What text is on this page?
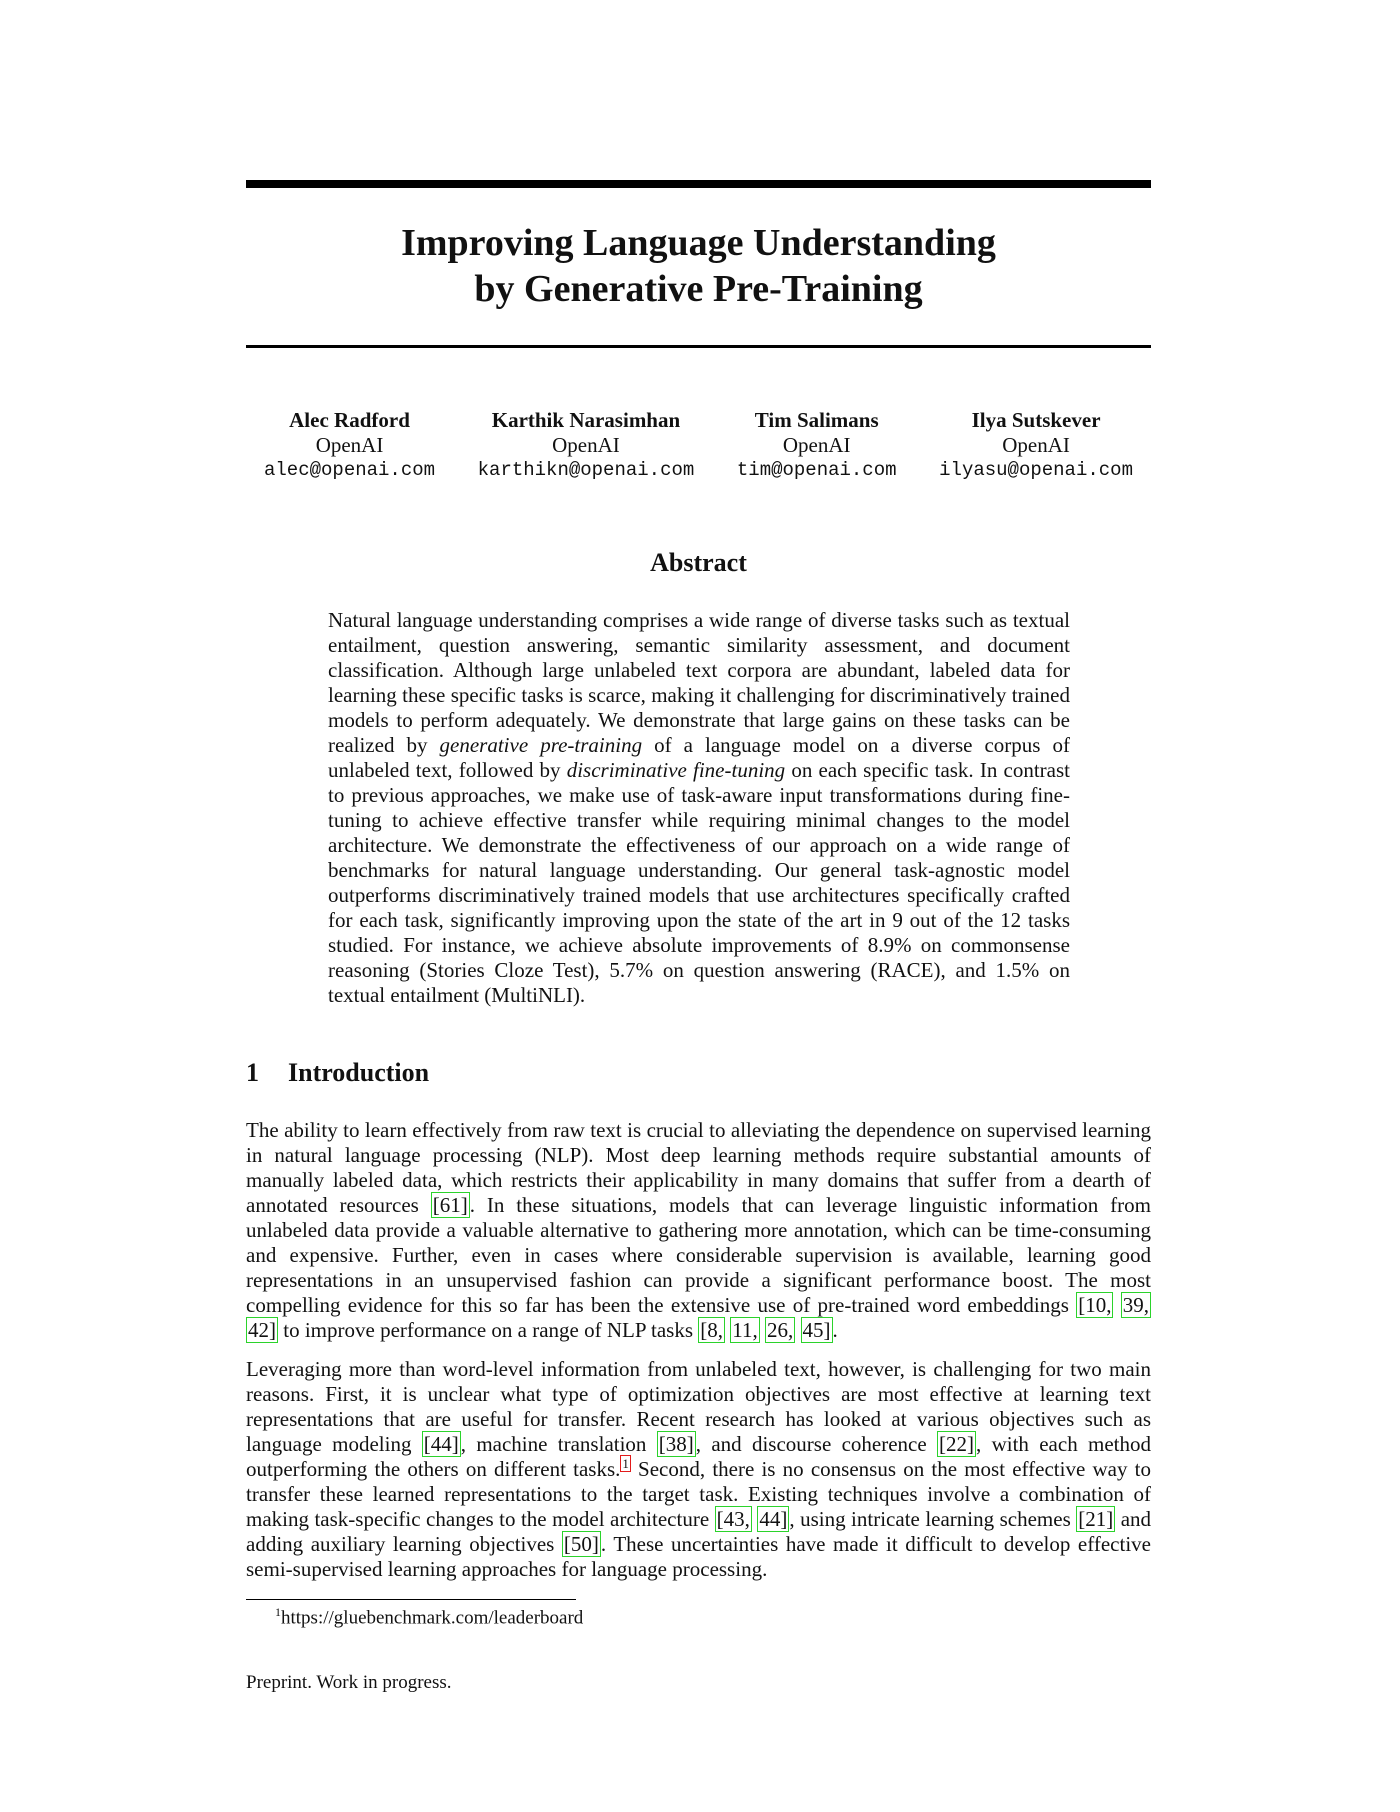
Improving Language Understanding
by Generative Pre-Training
Alec Radford
OpenAI
alec@openai.com
Karthik Narasimhan
OpenAI
karthikn@openai.com
Tim Salimans
OpenAI
tim@openai.com
Ilya Sutskever
OpenAI
ilyasu@openai.com
Abstract

Natural language understanding comprises a wide range of diverse tasks such as textual entailment, question answering, semantic similarity assessment, and document classification. Although large unlabeled text corpora are abundant, labeled data for learning these specific tasks is scarce, making it challenging for discriminatively trained models to perform adequately. We demonstrate that large gains on these tasks can be realized by generative pre-training of a language model on a diverse corpus of unlabeled text, followed by discriminative fine-tuning on each specific task. In contrast to previous approaches, we make use of task-aware input transformations during fine-tuning to achieve effective transfer while requiring minimal changes to the model architecture. We demonstrate the effectiveness of our approach on a wide range of benchmarks for natural language understanding. Our general task-agnostic model outperforms discriminatively trained models that use architectures specifically crafted for each task, significantly improving upon the state of the art in 9 out of the 12 tasks studied. For instance, we achieve absolute improvements of 8.9% on commonsense reasoning (Stories Cloze Test), 5.7% on question answering (RACE), and 1.5% on textual entailment (MultiNLI).

1 Introduction

The ability to learn effectively from raw text is crucial to alleviating the dependence on supervised learning in natural language processing (NLP). Most deep learning methods require substantial amounts of manually labeled data, which restricts their applicability in many domains that suffer from a dearth of annotated resources [61]. In these situations, models that can leverage linguistic information from unlabeled data provide a valuable alternative to gathering more annotation, which can be time-consuming and expensive. Further, even in cases where considerable supervision is available, learning good representations in an unsupervised fashion can provide a significant performance boost. The most compelling evidence for this so far has been the extensive use of pre-trained word embeddings [10, 39, 42] to improve performance on a range of NLP tasks [8, 11, 26, 45].

Leveraging more than word-level information from unlabeled text, however, is challenging for two main reasons. First, it is unclear what type of optimization objectives are most effective at learning text representations that are useful for transfer. Recent research has looked at various objectives such as language modeling [44], machine translation [38], and discourse coherence [22], with each method outperforming the others on different tasks. $^1$ Second, there is no consensus on the most effective way to transfer these learned representations to the target task. Existing techniques involve a combination of making task-specific changes to the model architecture [43, 44], using intricate learning schemes [21] and adding auxiliary learning objectives [50]. These uncertainties have made it difficult to develop effective semi-supervised learning approaches for language processing.

$^1$https://gluebenchmark.com/leaderboard
Preprint. Work in progress.
